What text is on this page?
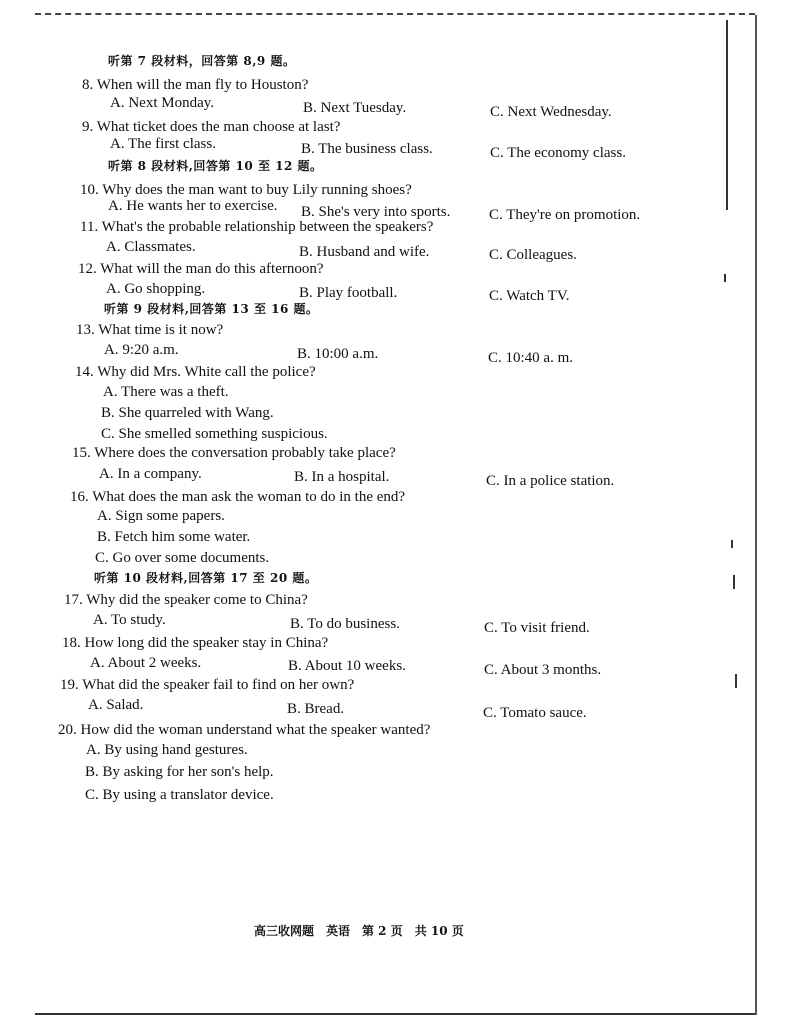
听第 7 段材料，回答第 8,9 题。
8. When will the man fly to Houston?
A. Next Monday.	B. Next Tuesday.	C. Next Wednesday.
9. What ticket does the man choose at last?
A. The first class.	B. The business class.	C. The economy class.
听第 8 段材料,回答第 10 至 12 题。
10. Why does the man want to buy Lily running shoes?
A. He wants her to exercise. B. She's very into sports.	C. They're on promotion.
11. What's the probable relationship between the speakers?
A. Classmates.	B. Husband and wife.	C. Colleagues.
12. What will the man do this afternoon?
A. Go shopping.	B. Play football.	C. Watch TV.
听第 9 段材料,回答第 13 至 16 题。
13. What time is it now?
A. 9:20 a.m.	B. 10:00 a.m.	C. 10:40 a. m.
14. Why did Mrs. White call the police?
A. There was a theft.
B. She quarreled with Wang.
C. She smelled something suspicious.
15. Where does the conversation probably take place?
A. In a company.	B. In a hospital.	C. In a police station.
16. What does the man ask the woman to do in the end?
A. Sign some papers.
B. Fetch him some water.
C. Go over some documents.
听第 10 段材料,回答第 17 至 20 题。
17. Why did the speaker come to China?
A. To study.	B. To do business.	C. To visit friend.
18. How long did the speaker stay in China?
A. About 2 weeks.	B. About 10 weeks.	C. About 3 months.
19. What did the speaker fail to find on her own?
A. Salad.	B. Bread.	C. Tomato sauce.
20. How did the woman understand what the speaker wanted?
A. By using hand gestures.
B. By asking for her son's help.
C. By using a translator device.
高三收网题　英语　第 2 页　共 10 页
